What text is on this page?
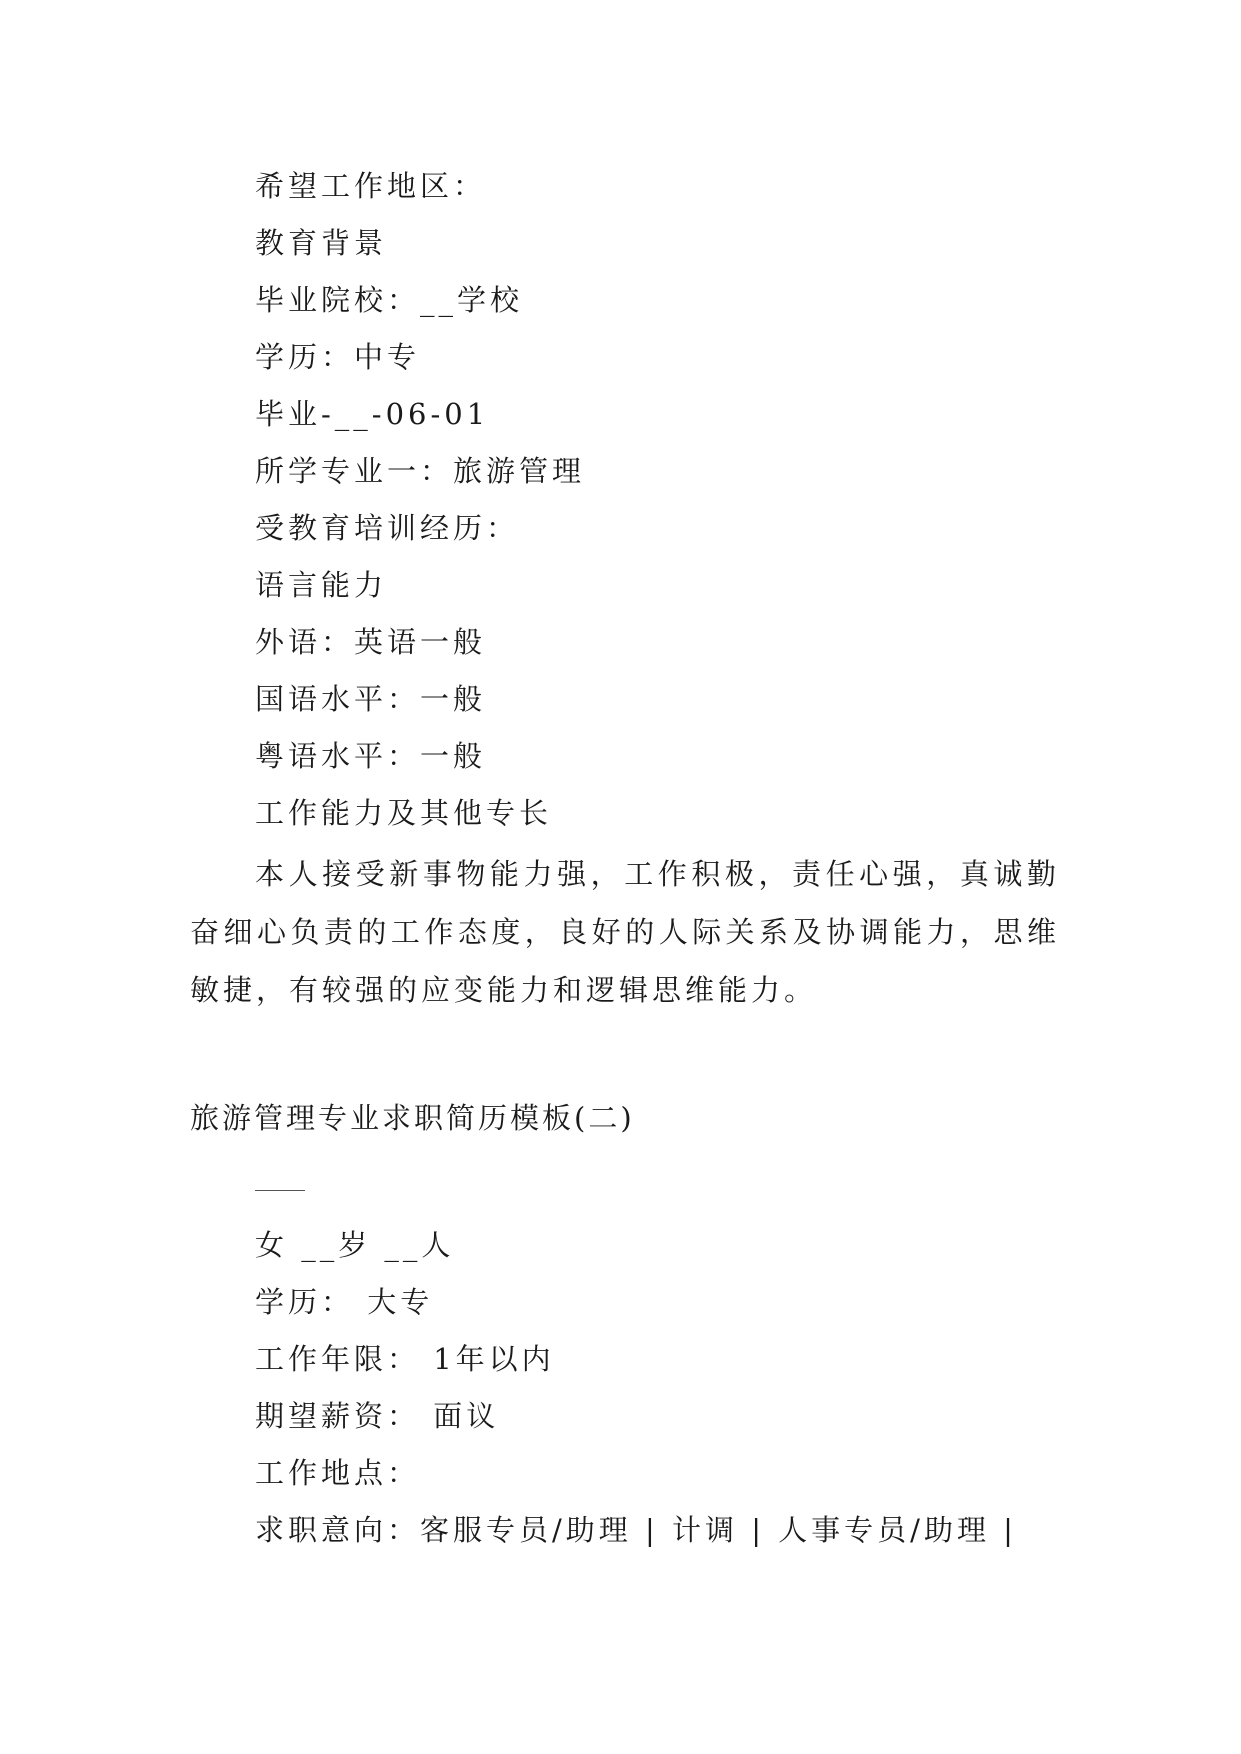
希望工作地区：
教育背景
毕业院校：__学校
学历：中专
毕业-__-06-01
所学专业一：旅游管理
受教育培训经历：
语言能力
外语：英语一般
国语水平：一般
粤语水平：一般
工作能力及其他专长

本人接受新事物能力强，工作积极，责任心强，真诚勤奋细心负责的工作态度，良好的人际关系及协调能力，思维敏捷，有较强的应变能力和逻辑思维能力。

旅游管理专业求职简历模板(二)
女 __岁 __人
学历： 大专
工作年限： 1年以内
期望薪资： 面议
工作地点：
求职意向：客服专员/助理 | 计调 | 人事专员/助理 |
